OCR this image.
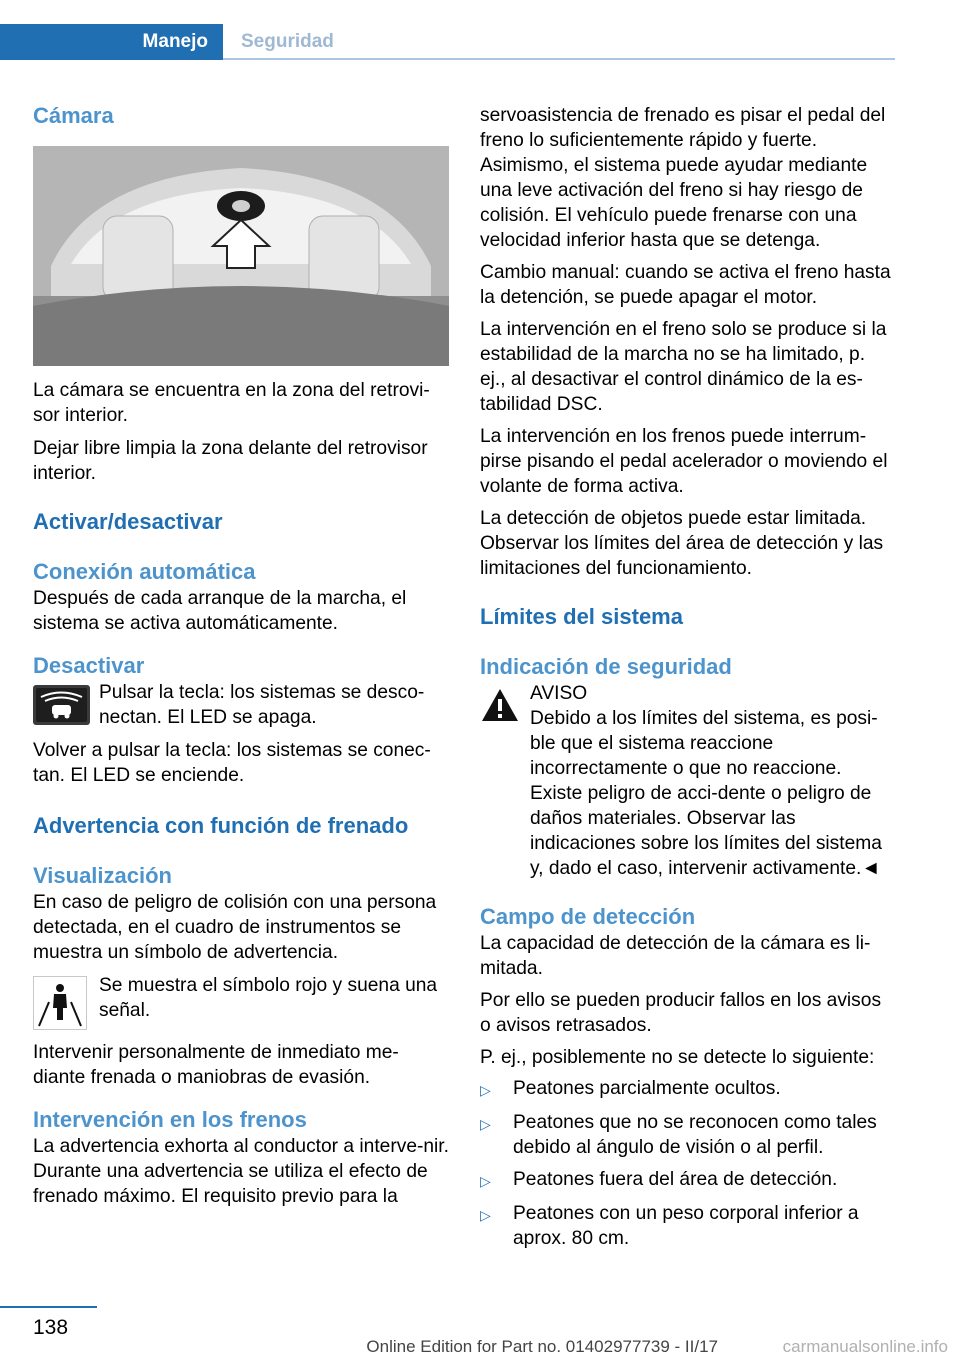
Manejo	Seguridad
Cámara

La cámara se encuentra en la zona del retrovi-sor interior.

Dejar libre limpia la zona delante del retrovisor interior.

Activar/desactivar
Conexión automática

Después de cada arranque de la marcha, el sistema se activa automáticamente.

Desactivar

Pulsar la tecla: los sistemas se desco-nectan. El LED se apaga.

Volver a pulsar la tecla: los sistemas se conec-tan. El LED se enciende.

Advertencia con función de frenado
Visualización

En caso de peligro de colisión con una persona detectada, en el cuadro de instrumentos se muestra un símbolo de advertencia.

Se muestra el símbolo rojo y suena una señal.

Intervenir personalmente de inmediato me-diante frenada o maniobras de evasión.

Intervención en los frenos

La advertencia exhorta al conductor a interve-nir. Durante una advertencia se utiliza el efecto de frenado máximo. El requisito previo para la

servoasistencia de frenado es pisar el pedal del freno lo suficientemente rápido y fuerte. Asimismo, el sistema puede ayudar mediante una leve activación del freno si hay riesgo de colisión. El vehículo puede frenarse con una velocidad inferior hasta que se detenga.

Cambio manual: cuando se activa el freno hasta la detención, se puede apagar el motor.

La intervención en el freno solo se produce si la estabilidad de la marcha no se ha limitado, p. ej., al desactivar el control dinámico de la es-tabilidad DSC.

La intervención en los frenos puede interrum-pirse pisando el pedal acelerador o moviendo el volante de forma activa.

La detección de objetos puede estar limitada. Observar los límites del área de detección y las limitaciones del funcionamiento.

Límites del sistema
Indicación de seguridad

AVISO

Debido a los límites del sistema, es posi-ble que el sistema reaccione incorrectamente o que no reaccione. Existe peligro de acci-dente o peligro de daños materiales. Observar las indicaciones sobre los límites del sistema y, dado el caso, intervenir activamente.◄

Campo de detección

La capacidad de detección de la cámara es li-mitada.

Por ello se pueden producir fallos en los avisos o avisos retrasados.

P. ej., posiblemente no se detecte lo siguiente:

▷	Peatones parcialmente ocultos.
▷	Peatones que no se reconocen como tales debido al ángulo de visión o al perfil.
▷	Peatones fuera del área de detección.
▷	Peatones con un peso corporal inferior a aprox. 80 cm.
138
Online Edition for Part no. 01402977739 - II/17	carmanualsonline.info
